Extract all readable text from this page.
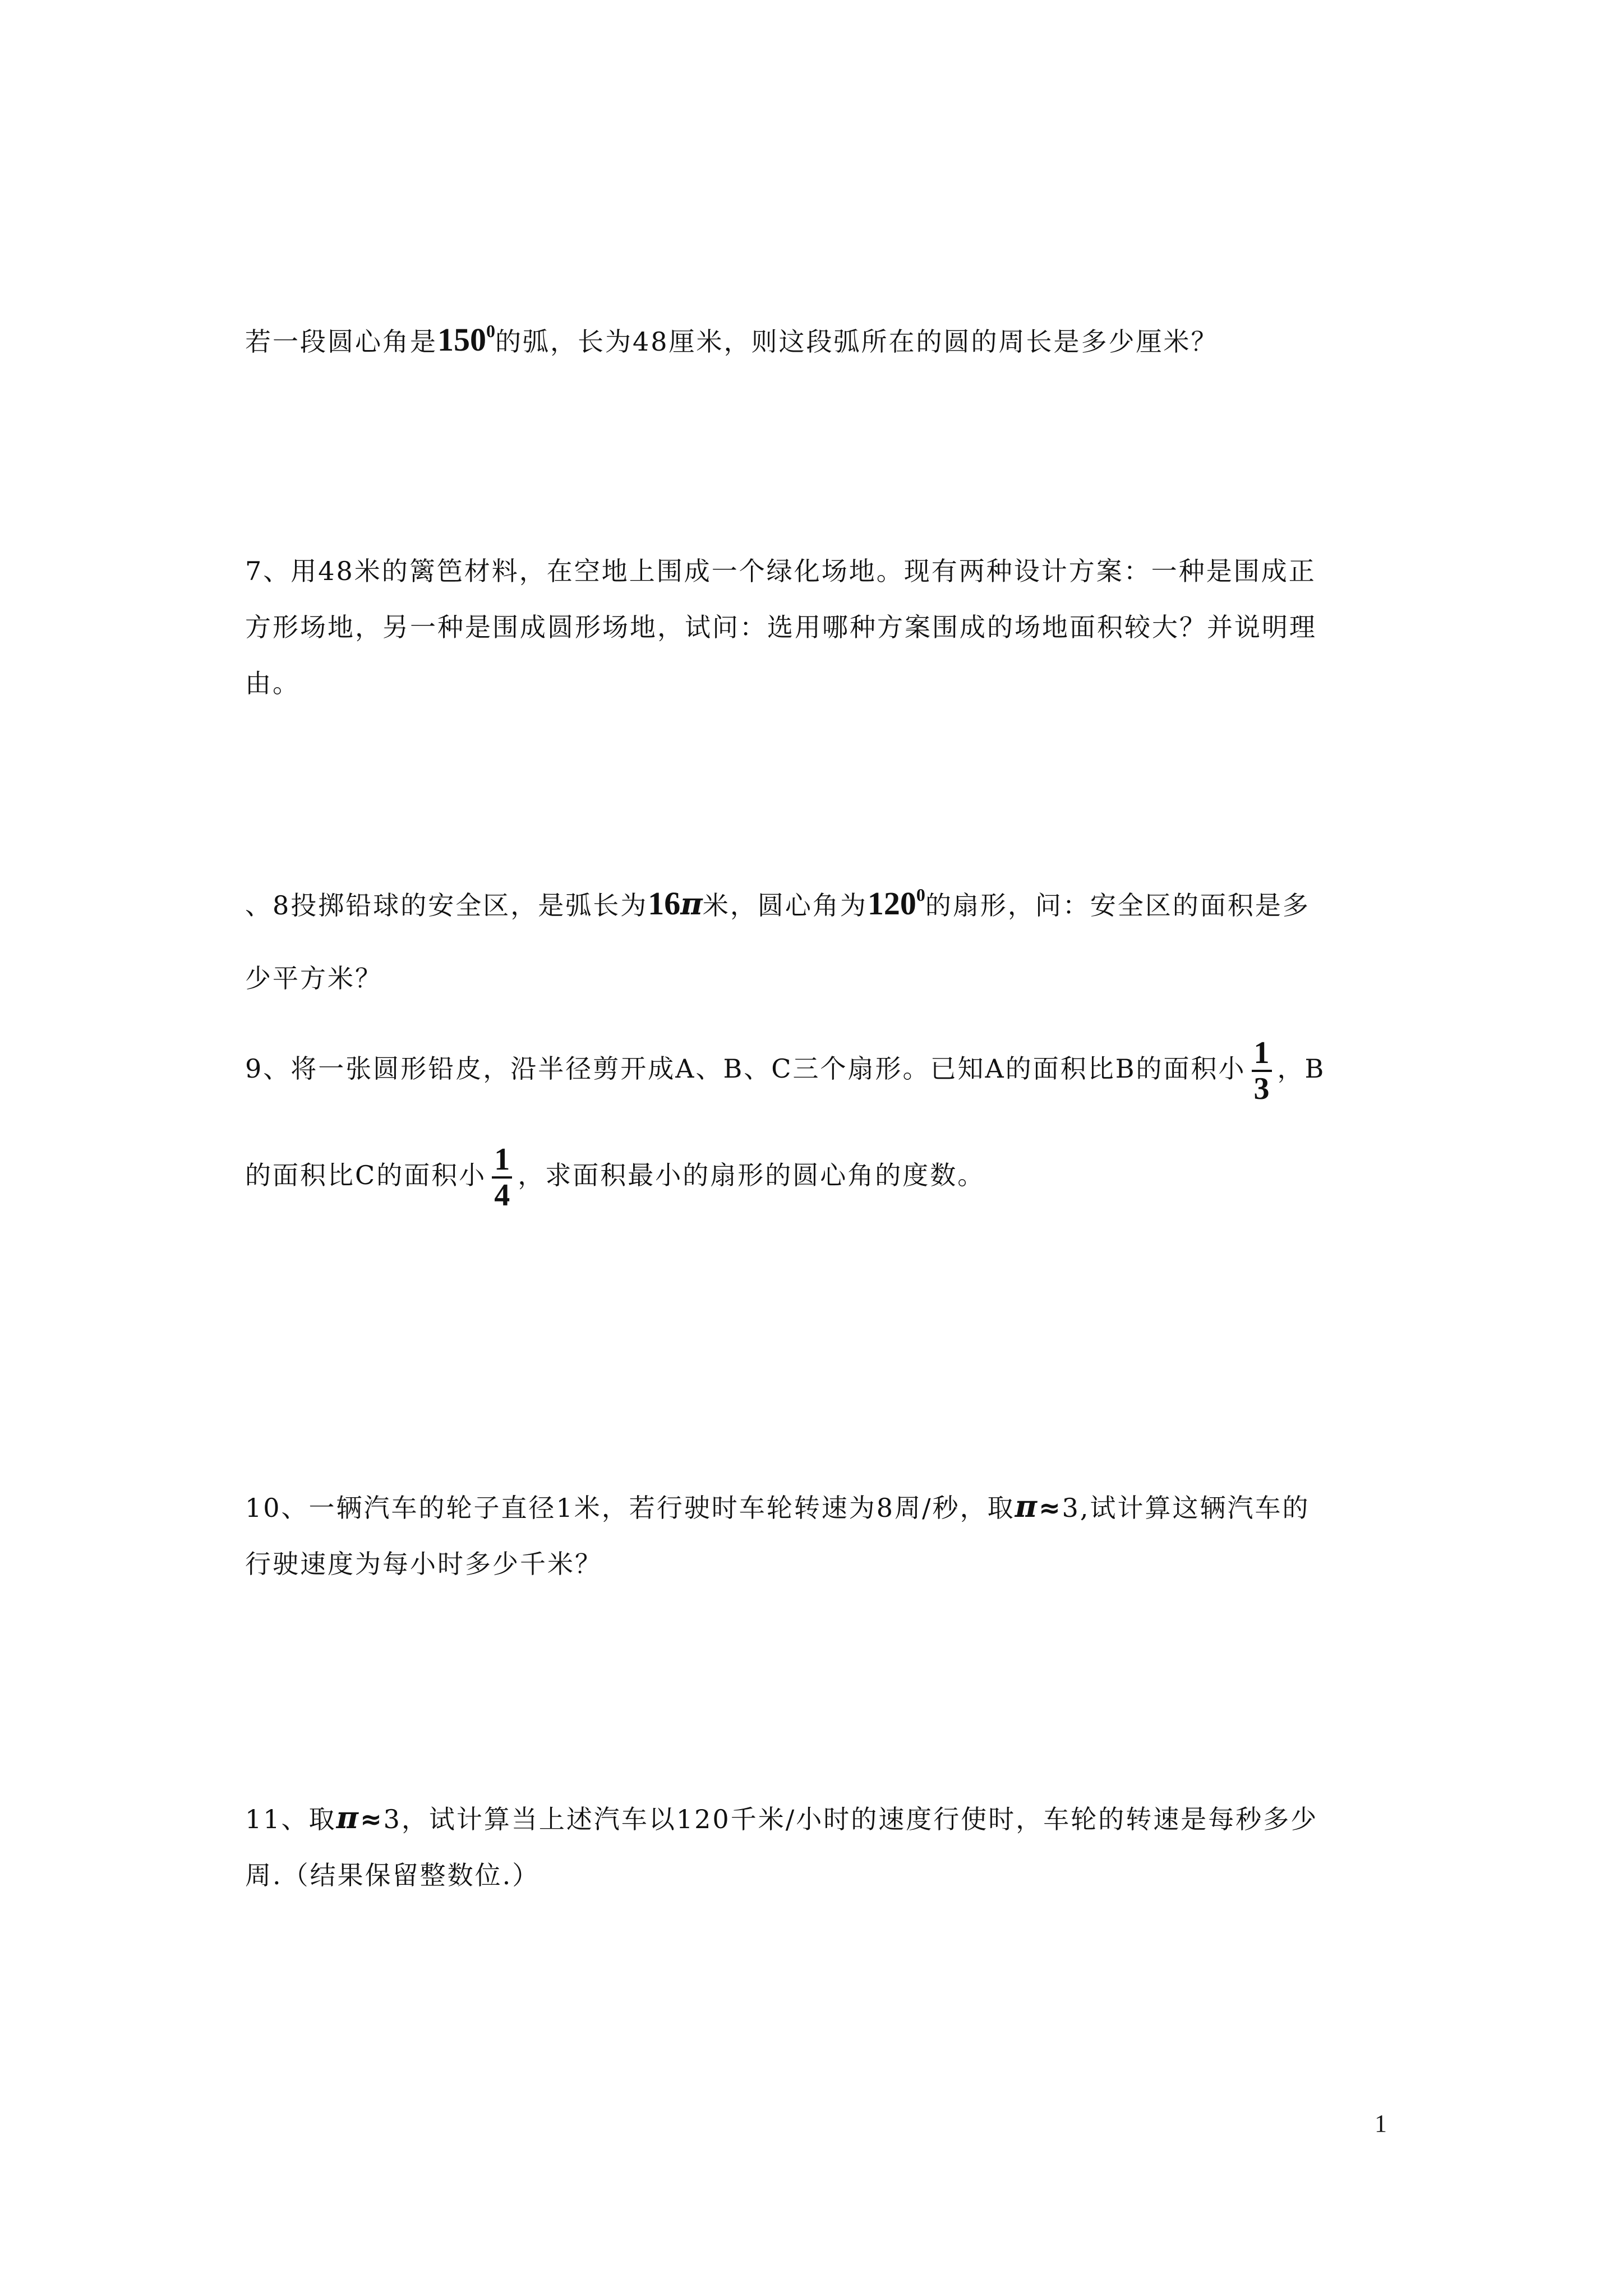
若一段圆心角是$150^0$的弧，长为48厘米，则这段弧所在的圆的周长是多少厘米？
7、用48米的篱笆材料，在空地上围成一个绿化场地。现有两种设计方案：一种是围成正
方形场地，另一种是围成圆形场地，试问：选用哪种方案围成的场地面积较大？并说明理
由。
、8投掷铅球的安全区，是弧长为16π米，圆心角为$120^0$的扇形，问：安全区的面积是多
少平方米？
9、将一张圆形铅皮，沿半径剪开成A、B、C三个扇形。已知A的面积比B的面积小 $\frac{1}{3}$ ，B
的面积比C的面积小 $\frac{1}{4}$ ，求面积最小的扇形的圆心角的度数。
10、一辆汽车的轮子直径1米，若行驶时车轮转速为8周/秒，取π≈3,试计算这辆汽车的
行驶速度为每小时多少千米？
11、取π≈3，试计算当上述汽车以120千米/小时的速度行使时，车轮的转速是每秒多少
周.（结果保留整数位.）
1
